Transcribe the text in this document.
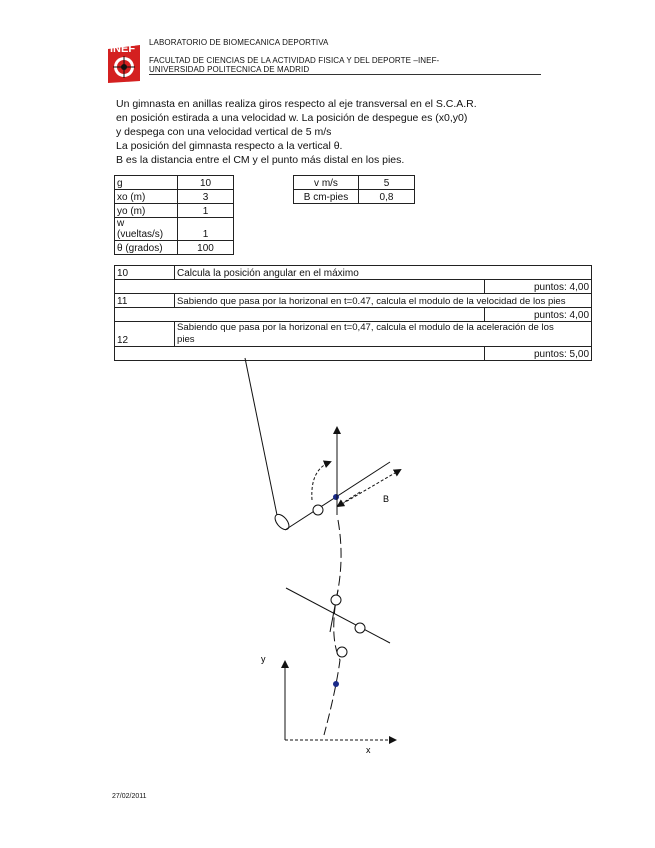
INEF
LABORATORIO DE BIOMECANICA DEPORTIVA
FACULTAD DE CIENCIAS DE LA ACTIVIDAD FISICA Y DEL DEPORTE –INEF-
UNIVERSIDAD POLITECNICA DE MADRID
Un gimnasta en anillas realiza giros respecto al eje transversal en el S.C.A.R.
en posición estirada a una velocidad w. La posición de despegue es (x0,y0)
y despega con una velocidad vertical de 5 m/s
La posición del gimnasta respecto a la vertical θ.
B es la distancia entre el CM y el punto más distal en los pies.
g	10
xo (m)	3
yo (m)	1

w
(vueltas/s)	1
θ (grados)	100
v m/s	5
B cm-pies	0,8
10	Calcula la posición angular en el máximo	
		puntos: 4,00
11	Sabiendo que pasa por la horizonal en t=0.47, calcula el modulo de la velocidad de los pies	
		puntos: 4,00
12	Sabiendo que pasa por la horizonal en t=0,47, calcula el modulo de la aceleración de los
pies	

		puntos: 5,00
B
y
x
27/02/2011
